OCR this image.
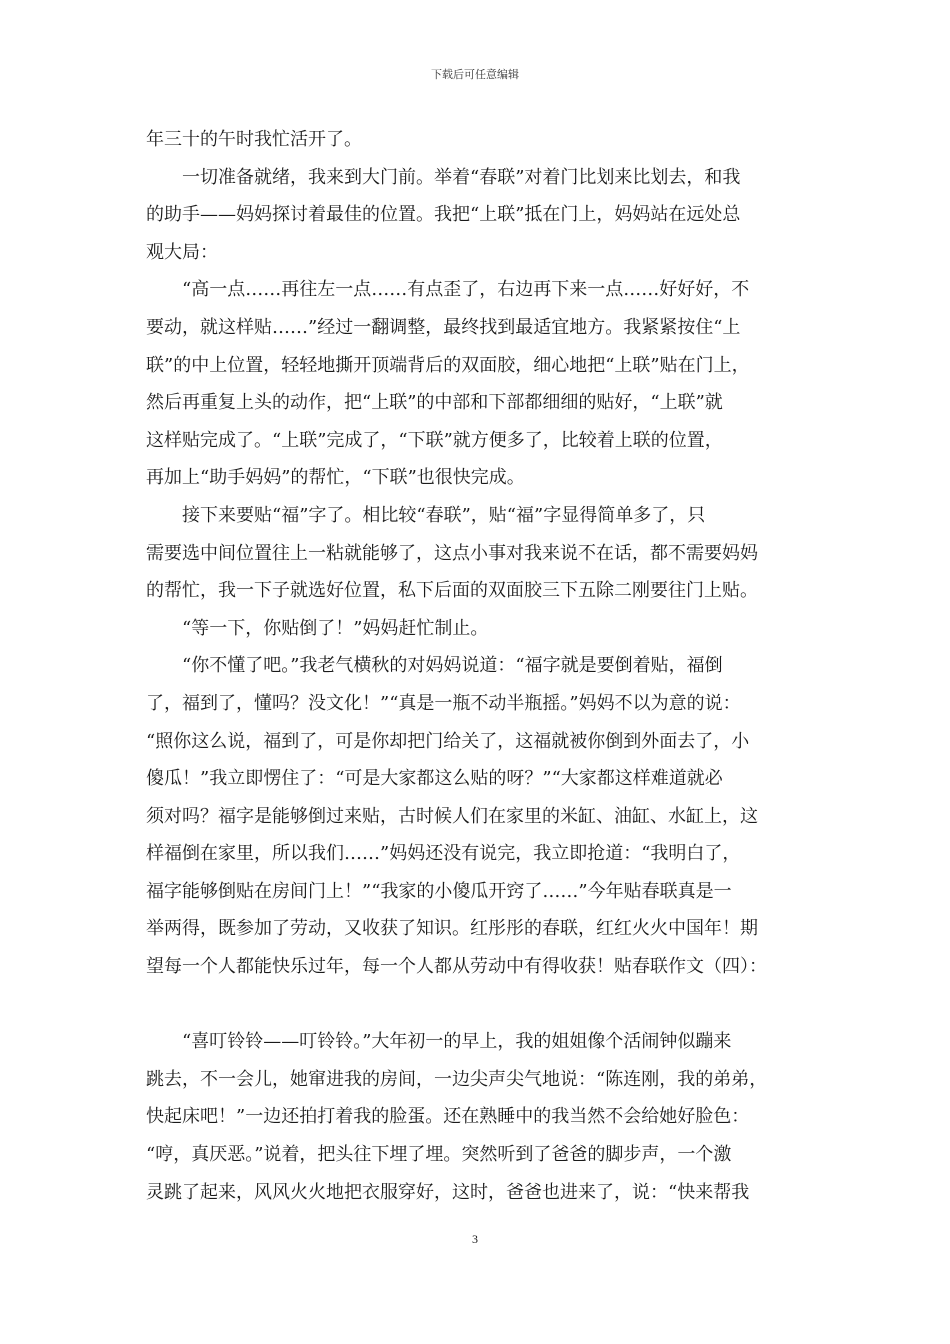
下载后可任意编辑
年三十的午时我忙活开了。
　　一切准备就绪，我来到大门前。举着“春联”对着门比划来比划去，和我
的助手——妈妈探讨着最佳的位置。我把“上联”抵在门上，妈妈站在远处总
观大局：
　　“高一点……再往左一点……有点歪了，右边再下来一点……好好好，不
要动，就这样贴……”经过一翻调整，最终找到最适宜地方。我紧紧按住“上
联”的中上位置，轻轻地撕开顶端背后的双面胶，细心地把“上联”贴在门上，
然后再重复上头的动作，把“上联”的中部和下部都细细的贴好，“上联”就
这样贴完成了。“上联”完成了，“下联”就方便多了，比较着上联的位置，
再加上“助手妈妈”的帮忙，“下联”也很快完成。
　　接下来要贴“福”字了。相比较“春联”，贴“福”字显得简单多了，只
需要选中间位置往上一粘就能够了，这点小事对我来说不在话，都不需要妈妈
的帮忙，我一下子就选好位置，私下后面的双面胶三下五除二刚要往门上贴。
　　“等一下，你贴倒了！”妈妈赶忙制止。
　　“你不懂了吧。”我老气横秋的对妈妈说道：“福字就是要倒着贴，福倒
了，福到了，懂吗？没文化！”“真是一瓶不动半瓶摇。”妈妈不以为意的说：
“照你这么说，福到了，可是你却把门给关了，这福就被你倒到外面去了，小
傻瓜！”我立即愣住了：“可是大家都这么贴的呀？”“大家都这样难道就必
须对吗？福字是能够倒过来贴，古时候人们在家里的米缸、油缸、水缸上，这
样福倒在家里，所以我们……”妈妈还没有说完，我立即抢道：“我明白了，
福字能够倒贴在房间门上！”“我家的小傻瓜开窍了……”今年贴春联真是一
举两得，既参加了劳动，又收获了知识。红彤彤的春联，红红火火中国年！期
望每一个人都能快乐过年，每一个人都从劳动中有得收获！贴春联作文（四）：
　　“喜叮铃铃——叮铃铃。”大年初一的早上，我的姐姐像个活闹钟似蹦来
跳去，不一会儿，她窜进我的房间，一边尖声尖气地说：“陈连刚，我的弟弟，
快起床吧！”一边还拍打着我的脸蛋。还在熟睡中的我当然不会给她好脸色：
“哼，真厌恶。”说着，把头往下埋了埋。突然听到了爸爸的脚步声，一个激
灵跳了起来，风风火火地把衣服穿好，这时，爸爸也进来了，说：“快来帮我
3
